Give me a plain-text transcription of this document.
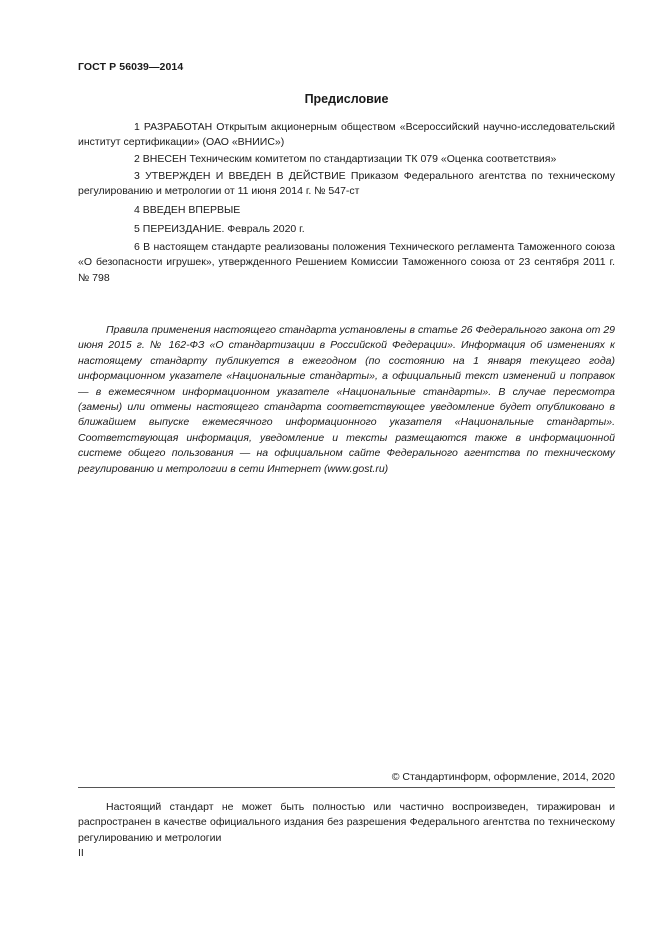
ГОСТ Р 56039—2014
Предисловие
1 РАЗРАБОТАН Открытым акционерным обществом «Всероссийский научно-исследовательский институт сертификации» (ОАО «ВНИИС»)
2 ВНЕСЕН Техническим комитетом по стандартизации ТК 079 «Оценка соответствия»
3 УТВЕРЖДЕН И ВВЕДЕН В ДЕЙСТВИЕ Приказом Федерального агентства по техническому регулированию и метрологии от 11 июня 2014 г. № 547-ст
4 ВВЕДЕН ВПЕРВЫЕ
5 ПЕРЕИЗДАНИЕ. Февраль 2020 г.
6 В настоящем стандарте реализованы положения Технического регламента Таможенного союза «О безопасности игрушек», утвержденного Решением Комиссии Таможенного союза от 23 сентября 2011 г. № 798
Правила применения настоящего стандарта установлены в статье 26 Федерального закона от 29 июня 2015 г. № 162-ФЗ «О стандартизации в Российской Федерации». Информация об изменениях к настоящему стандарту публикуется в ежегодном (по состоянию на 1 января текущего года) информационном указателе «Национальные стандарты», а официальный текст изменений и поправок — в ежемесячном информационном указателе «Национальные стандарты». В случае пересмотра (замены) или отмены настоящего стандарта соответствующее уведомление будет опубликовано в ближайшем выпуске ежемесячного информационного указателя «Национальные стандарты». Соответствующая информация, уведомление и тексты размещаются также в информационной системе общего пользования — на официальном сайте Федерального агентства по техническому регулированию и метрологии в сети Интернет (www.gost.ru)
© Стандартинформ, оформление, 2014, 2020
Настоящий стандарт не может быть полностью или частично воспроизведен, тиражирован и распространен в качестве официального издания без разрешения Федерального агентства по техническому регулированию и метрологии
II
